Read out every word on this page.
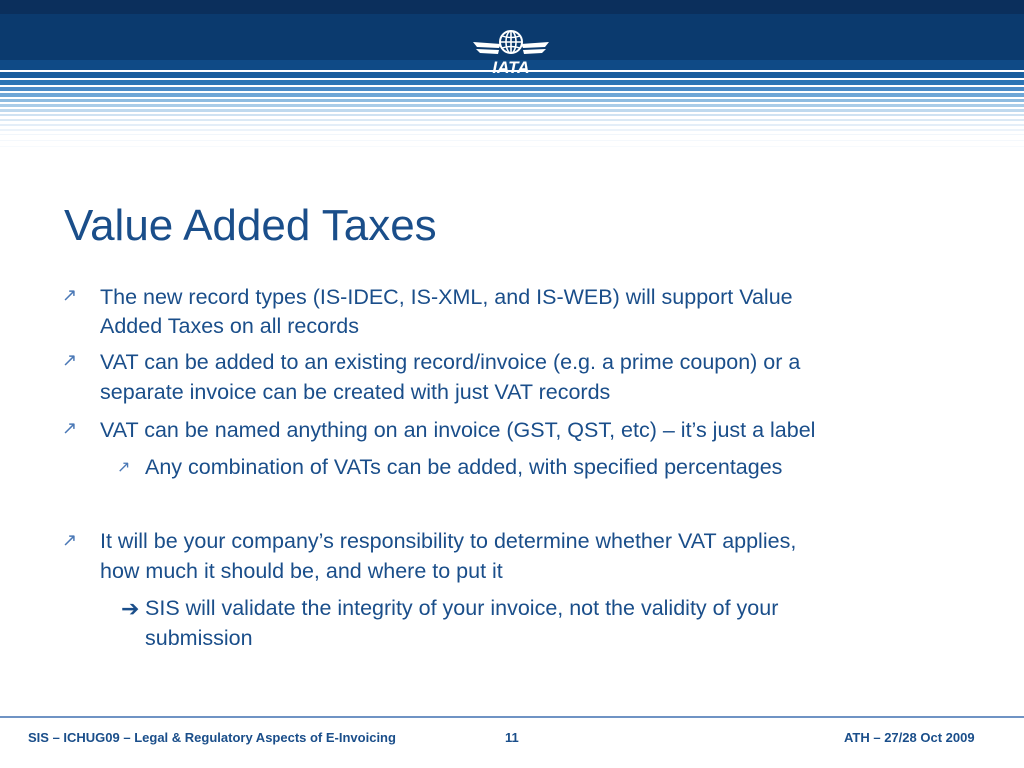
IATA
Value Added Taxes
↗ The new record types (IS-IDEC, IS-XML, and IS-WEB) will support Value
Added Taxes on all records
↗ VAT can be added to an existing record/invoice (e.g. a prime coupon) or a
separate invoice can be created with just VAT records
↗ VAT can be named anything on an invoice (GST, QST, etc) – it’s just a label
↗ Any combination of VATs can be added, with specified percentages
↗ It will be your company’s responsibility to determine whether VAT applies,
how much it should be, and where to put it
➔ SIS will validate the integrity of your invoice, not the validity of your
submission
SIS – ICHUG09 – Legal & Regulatory Aspects of E-Invoicing	11	ATH – 27/28 Oct 2009
